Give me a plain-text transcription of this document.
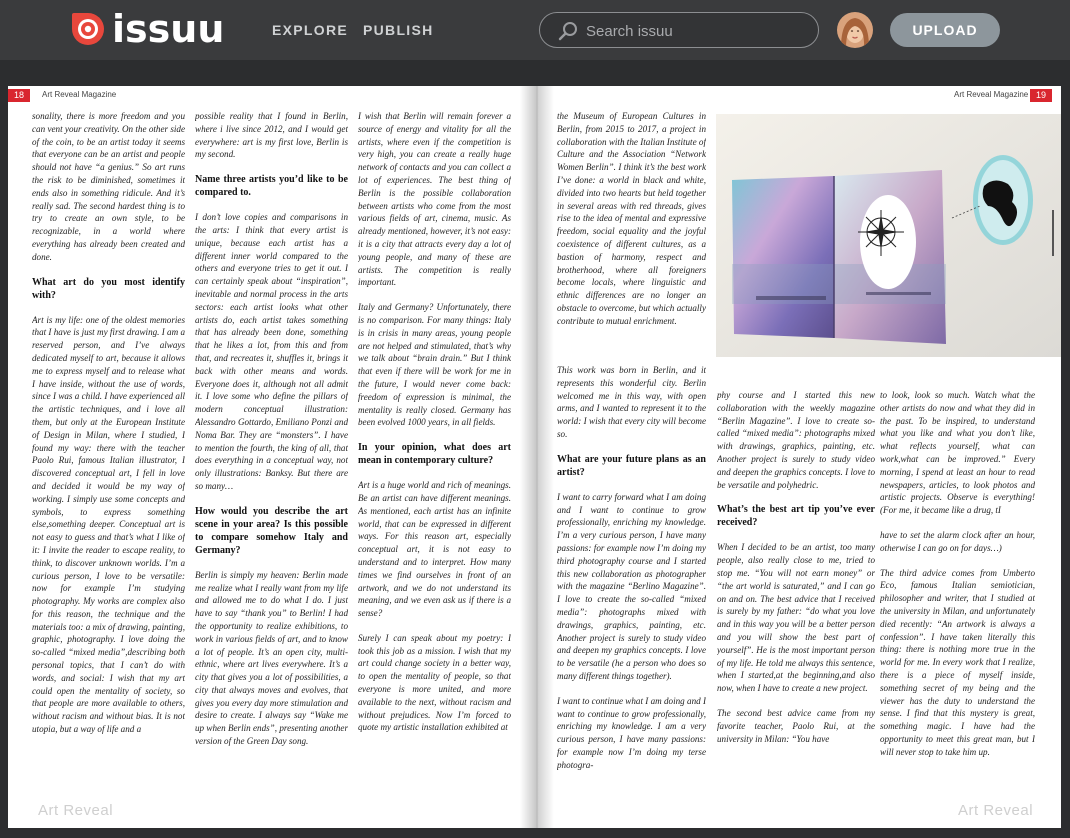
issuu	EXPLORE PUBLISH
Search issuu	UPLOAD
18	Art Reveal Magazine	Art Reveal Magazine 19

sonality, there is more freedom and you can vent your creativity. On the other side of the coin, to be an artist today it seems that everyone can be an artist and people should not have “a genius.” So art runs the risk to be diminished, sometimes it ends also in something ridicule. And it’s really sad. The second hardest thing is to try to create an own style, to be recognizable, in a world where everything has already been created and done.

What art do you most identify with?

Art is my life: one of the oldest memories that I have is just my first drawing. I am a reserved person, and I’ve always dedicated myself to art, because it allows me to express myself and to release what I have inside, without the use of words, since I was a child. I have experienced all the artistic techniques, and i love all them, but only at the European Institute of Design in Milan, where I studied, I found my way: there with the teacher Paolo Rui, famous Italian illustrator, I discovered conceptual art, I fell in love and decided it would be my way of working. I simply use some concepts and symbols, to express something else,something deeper. Conceptual art is not easy to guess and that’s what I like of it: I invite the reader to escape reality, to think, to discover unknown worlds. I’m a curious person, I love to be versatile: now for example I’m studying photography. My works are complex also for this reason, the technique and the materials too: a mix of drawing, painting, graphic, photography. I love doing the so-called “mixed media”,describing both personal topics, that I can’t do with words, and social: I wish that my art could open the mentality of society, so that people are more available to others, without racism and without bias. It is not utopia, but a way of life and a

possible reality that I found in Berlin, where i live since 2012, and I would get everywhere: art is my first love, Berlin is my second.

Name three artists you’d like to be compared to.

I don’t love copies and comparisons in the arts: I think that every artist is unique, because each artist has a different inner world compared to the others and everyone tries to get it out. I can certainly speak about “inspiration”, inevitable and normal process in the arts sectors: each artist looks what other artists do, each artist takes something that has already been done, something that he likes a lot, from this and from that, and recreates it, shuffles it, brings it back with other means and words. Everyone does it, although not all admit it. I love some who define the pillars of modern conceptual illustration: Alessandro Gottardo, Emiliano Ponzi and Noma Bar. They are “monsters”. I have to mention the fourth, the king of all, that does everything in a conceptual way, not only illustrations: Banksy. But there are so many…

How would you describe the art scene in your area? Is this possible to compare somehow Italy and Germany?

Berlin is simply my heaven: Berlin made me realize what I really want from my life and allowed me to do what I do. I just have to say “thank you” to Berlin! I had the opportunity to realize exhibitions, to work in various fields of art, and to know a lot of people. It’s an open city, multi-ethnic, where art lives everywhere. It’s a city that gives you a lot of possibilities, a city that always moves and evolves, that gives you every day more stimulation and desire to create. I always say “Wake me up when Berlin ends”, presenting another version of the Green Day song.

I wish that Berlin will remain forever a source of energy and vitality for all the artists, where even if the competition is very high, you can create a really huge network of contacts and you can collect a lot of experiences. The best thing of Berlin is the possible collaboration between artists who come from the most various fields of art, cinema, music. As already mentioned, however, it’s not easy: it is a city that attracts every day a lot of young people, and many of these are artists. The competition is really important.

Italy and Germany? Unfortunately, there is no comparison. For many things: Italy is in crisis in many areas, young people are not helped and stimulated, that’s why we talk about “brain drain.” But I think that even if there will be work for me in the future, I would never come back: freedom of expression is minimal, the mentality is really closed. Germany has been evolved 1000 years, in all fields.

In your opinion, what does art mean in contemporary culture?

Art is a huge world and rich of meanings. Be an artist can have different meanings. As mentioned, each artist has an infinite world, that can be expressed in different ways. For this reason art, especially conceptual art, it is not easy to understand and to interpret. How many times we find ourselves in front of an artwork, and we do not understand its meaning, and we even ask us if there is a sense?

Surely I can speak about my poetry: I took this job as a mission. I wish that my art could change society in a better way, to open the mentality of people, so that everyone is more united, and more available to the next, without racism and without prejudices. Now I’m forced to quote my artistic installation exhibited at

the Museum of European Cultures in Berlin, from 2015 to 2017, a project in collaboration with the Italian Institute of Culture and the Association “Network Women Berlin”. I think it’s the best work I’ve done: a world in black and white, divided into two hearts but held together in several areas with red threads, gives rise to the idea of mental and expressive freedom, social equality and the joyful coexistence of different cultures, as a bastion of harmony, respect and brotherhood, where all foreigners become locals, where linguistic and ethnic differences are no longer an obstacle to overcome, but which actually contribute to mutual enrichment.

This work was born in Berlin, and it represents this wonderful city. Berlin welcomed me in this way, with open arms, and I wanted to represent it to the world: I wish that every city will become so.

What are your future plans as an artist?

I want to carry forward what I am doing and I want to continue to grow professionally, enriching my knowledge. I’m a very curious person, I have many passions: for example now I’m doing my third photography course and I started this new collaboration as photographer with the magazine “Berlino Magazine”. I love to create the so-called “mixed media”: photographs mixed with drawings, graphics, painting, etc. Another project is surely to study video and deepen my graphics concepts. I love to be versatile (he a person who does so many different things together).

I want to continue what I am doing and I want to continue to grow professionally, enriching my knowledge. I am a very curious person, I have many passions: for example now I’m doing my terse photogra-

phy course and I started this new collaboration with the weekly magazine “Berlin Magazine”. I love to create so-called “mixed media”: photographs mixed with drawings, graphics, painting, etc. Another project is surely to study video and deepen the graphics concepts. I love to be versatile and polyhedric.

What’s the best art tip you’ve ever received?

When I decided to be an artist, too many people, also really close to me, tried to stop me. “You will not earn money” or “the art world is saturated,” and I can go on and on. The best advice that I received is surely by my father: “do what you love and in this way you will be a better person and you will show the best part of yourself”. He is the most important person of my life. He told me always this sentence, when I started,at the beginning,and also now, when I have to create a new project.

The second best advice came from my favorite teacher, Paolo Rui, at the university in Milan: “You have

to look, look so much. Watch what the other artists do now and what they did in the past. To be inspired, to understand what you like and what you don’t like, what reflects yourself, what can work,what can be improved.” Every morning, I spend at least an hour to read newspapers, articles, to look photos and artistic projects. Observe is everything! (For me, it became like a drug, tI

have to set the alarm clock after an hour, otherwise I can go on for days…)

The third advice comes from Umberto Eco, famous Italian semiotician, philosopher and writer, that I studied at the university in Milan, and unfortunately died recently: “An artwork is always a confession”. I have taken literally this thing: there is nothing more true in the world for me. In every work that I realize, there is a piece of myself inside, something secret of my being and the viewer has the duty to understand the sense. I find that this mystery is great, something magic. I have had the opportunity to meet this great man, but I will never stop to take him up.

Art Reveal	Art Reveal
